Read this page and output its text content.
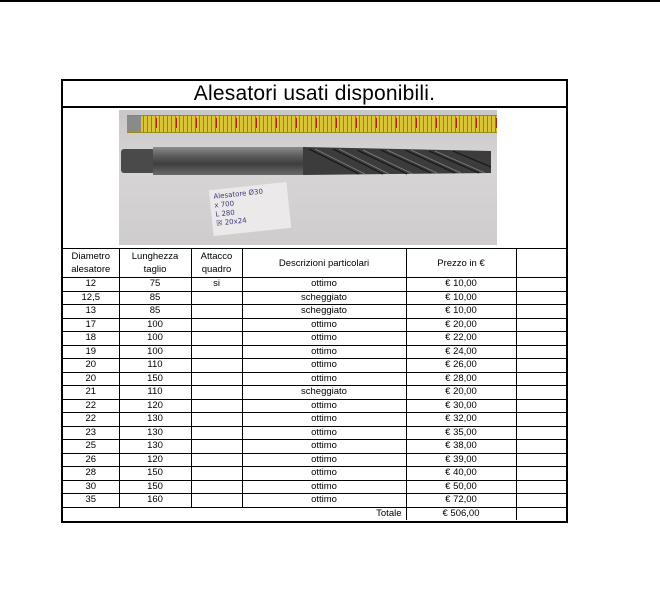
Alesatori usati disponibili.
Alesatore Ø30
x 700
L 280
☒ 20x24
Diametro alesatore	Lunghezza taglio	Attacco quadro	Descrizioni particolari	Prezzo in €	
12	75	si	ottimo	€ 10,00	
12,5	85		scheggiato	€ 10,00	
13	85		scheggiato	€ 10,00	
17	100		ottimo	€ 20,00	
18	100		ottimo	€ 22,00	
19	100		ottimo	€ 24,00	
20	110		ottimo	€ 26,00	
20	150		ottimo	€ 28,00	
21	110		scheggiato	€ 20,00	
22	120		ottimo	€ 30,00	
22	130		ottimo	€ 32,00	
23	130		ottimo	€ 35,00	
25	130		ottimo	€ 38,00	
26	120		ottimo	€ 39,00	
28	150		ottimo	€ 40,00	
30	150		ottimo	€ 50,00	
35	160		ottimo	€ 72,00	
			Totale	€ 506,00	
